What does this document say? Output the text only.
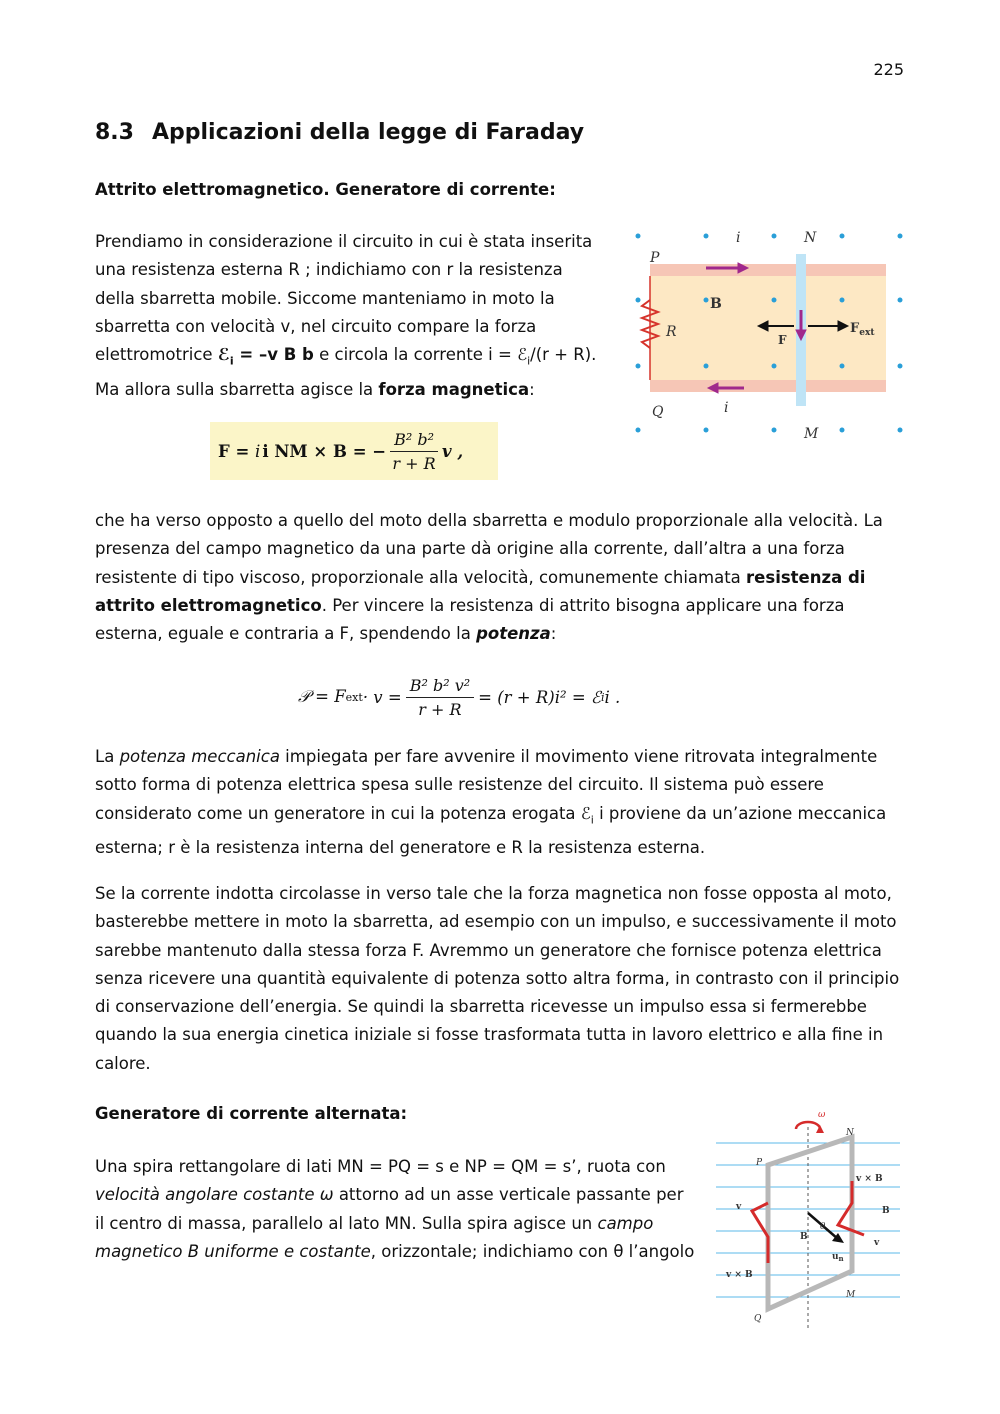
225
8.3 Applicazioni della legge di Faraday

Attrito elettromagnetico. Generatore di corrente:

Prendiamo in considerazione il circuito in cui è stata inserita una resistenza esterna R ; indichiamo con r la resistenza della sbarretta mobile. Siccome manteniamo in moto la sbarretta con velocità v, nel circuito compare la forza elettromotrice ℰ$_i$ = –v B b e circola la corrente i = ℰ$_i$/(r + R). Ma allora sulla sbarretta agisce la forza magnetica:

F = i i NM × B = − $\frac{\text{B² b²}}{r + R}$ v ,
P
Q
N
M
i
i
B
R	F
$F_{ext}$

che ha verso opposto a quello del moto della sbarretta e modulo proporzionale alla velocità. La presenza del campo magnetico da una parte dà origine alla corrente, dall’altra a una forza resistente di tipo viscoso, proporzionale alla velocità, comunemente chiamata resistenza di attrito elettromagnetico. Per vincere la resistenza di attrito bisogna applicare una forza esterna, eguale e contraria a F, spendendo la potenza:

𝒫 = F ext · $v = \frac{\text{B² b² v²}}{r + R} = (r + R)i^2$ = ℰ i i .

La potenza meccanica impiegata per fare avvenire il movimento viene ritrovata integralmente sotto forma di potenza elettrica spesa sulle resistenze del circuito. Il sistema può essere considerato come un generatore in cui la potenza erogata ℰ$_i$ i proviene da un’azione meccanica esterna; r è la resistenza interna del generatore e R la resistenza esterna.

Se la corrente indotta circolasse in verso tale che la forza magnetica non fosse opposta al moto, basterebbe mettere in moto la sbarretta, ad esempio con un impulso, e successivamente il moto sarebbe mantenuto dalla stessa forza F. Avremmo un generatore che fornisce potenza elettrica senza ricevere una quantità equivalente di potenza sotto altra forma, in contrasto con il principio di conservazione dell’energia. Se quindi la sbarretta ricevesse un impulso essa si fermerebbe quando la sua energia cinetica iniziale si fosse trasformata tutta in lavoro elettrico e alla fine in calore.

Generatore di corrente alternata:

Una spira rettangolare di lati MN = PQ = s e NP = QM = s’, ruota con velocità angolare costante ω attorno ad un asse verticale passante per il centro di massa, parallelo al lato MN. Sulla spira agisce un campo magnetico B uniforme e costante, orizzontale; indichiamo con θ l’angolo

ω
N
P
v × B
v	B
v
B
θ
$u_n$
v × B
M
Q
